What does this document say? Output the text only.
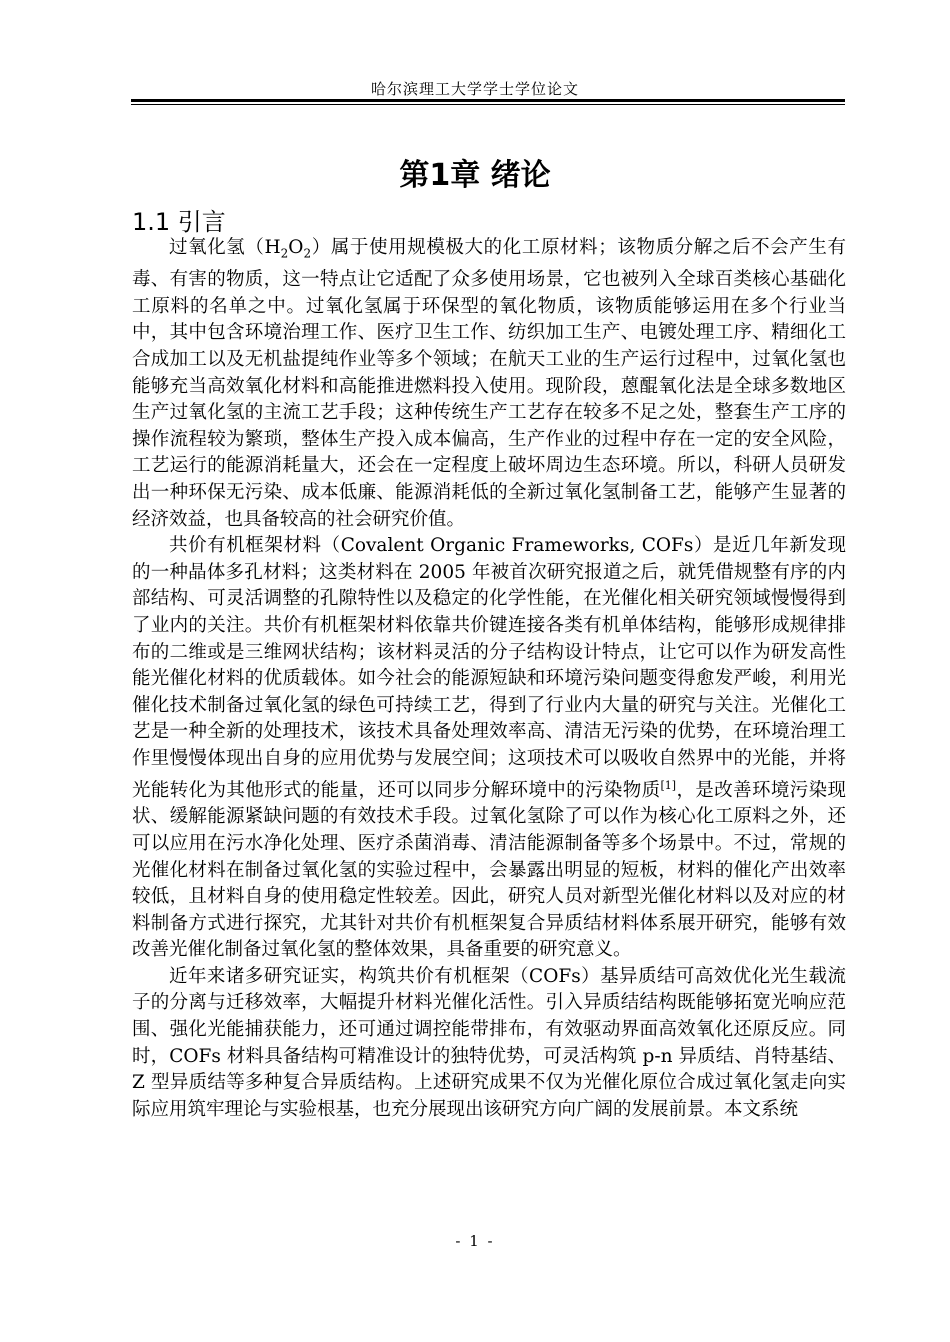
哈尔滨理工大学学士学位论文
第1章 绪论
1.1 引言

过氧化氢$(H_2O_2)$属于使用规模极大的化工原材料；该物质分解之后不会产生有毒、有害的物质，这一特点让它适配了众多使用场景，它也被列入全球百类核心基础化工原料的名单之中。过氧化氢属于环保型的氧化物质，该物质能够运用在多个行业当中，其中包含环境治理工作、医疗卫生工作、纺织加工生产、电镀处理工序、精细化工合成加工以及无机盐提纯作业等多个领域；在航天工业的生产运行过程中，过氧化氢也能够充当高效氧化材料和高能推进燃料投入使用。现阶段，蒽醌氧化法是全球多数地区生产过氧化氢的主流工艺手段；这种传统生产工艺存在较多不足之处，整套生产工序的操作流程较为繁琐，整体生产投入成本偏高，生产作业的过程中存在一定的安全风险，工艺运行的能源消耗量大，还会在一定程度上破坏周边生态环境。所以，科研人员研发出一种环保无污染、成本低廉、能源消耗低的全新过氧化氢制备工艺，能够产生显著的经济效益，也具备较高的社会研究价值。

共价有机框架材料（Covalent Organic Frameworks, COFs）是近几年新发现的一种晶体多孔材料；这类材料在 2005 年被首次研究报道之后，就凭借规整有序的内部结构、可灵活调整的孔隙特性以及稳定的化学性能，在光催化相关研究领域慢慢得到了业内的关注。共价有机框架材料依靠共价键连接各类有机单体结构，能够形成规律排布的二维或是三维网状结构；该材料灵活的分子结构设计特点，让它可以作为研发高性能光催化材料的优质载体。如今社会的能源短缺和环境污染问题变得愈发严峻，利用光催化技术制备过氧化氢的绿色可持续工艺，得到了行业内大量的研究与关注。光催化工艺是一种全新的处理技术，该技术具备处理效率高、清洁无污染的优势，在环境治理工作里慢慢体现出自身的应用优势与发展空间；这项技术可以吸收自然界中的光能，并将光能转化为其他形式的能量，还可以同步分解环境中的污染物质[1]，是改善环境污染现状、缓解能源紧缺问题的有效技术手段。过氧化氢除了可以作为核心化工原料之外，还可以应用在污水净化处理、医疗杀菌消毒、清洁能源制备等多个场景中。不过，常规的光催化材料在制备过氧化氢的实验过程中，会暴露出明显的短板，材料的催化产出效率较低，且材料自身的使用稳定性较差。因此，研究人员对新型光催化材料以及对应的材料制备方式进行探究，尤其针对共价有机框架复合异质结材料体系展开研究，能够有效改善光催化制备过氧化氢的整体效果，具备重要的研究意义。

近年来诸多研究证实，构筑共价有机框架（COFs）基异质结可高效优化光生载流子的分离与迁移效率，大幅提升材料光催化活性。引入异质结结构既能够拓宽光响应范围、强化光能捕获能力，还可通过调控能带排布，有效驱动界面高效氧化还原反应。同时，COFs 材料具备结构可精准设计的独特优势，可灵活构筑 p-n 异质结、肖特基结、Z 型异质结等多种复合异质结构。上述研究成果不仅为光催化原位合成过氧化氢走向实际应用筑牢理论与实验根基，也充分展现出该研究方向广阔的发展前景。本文系统

- 1 -
